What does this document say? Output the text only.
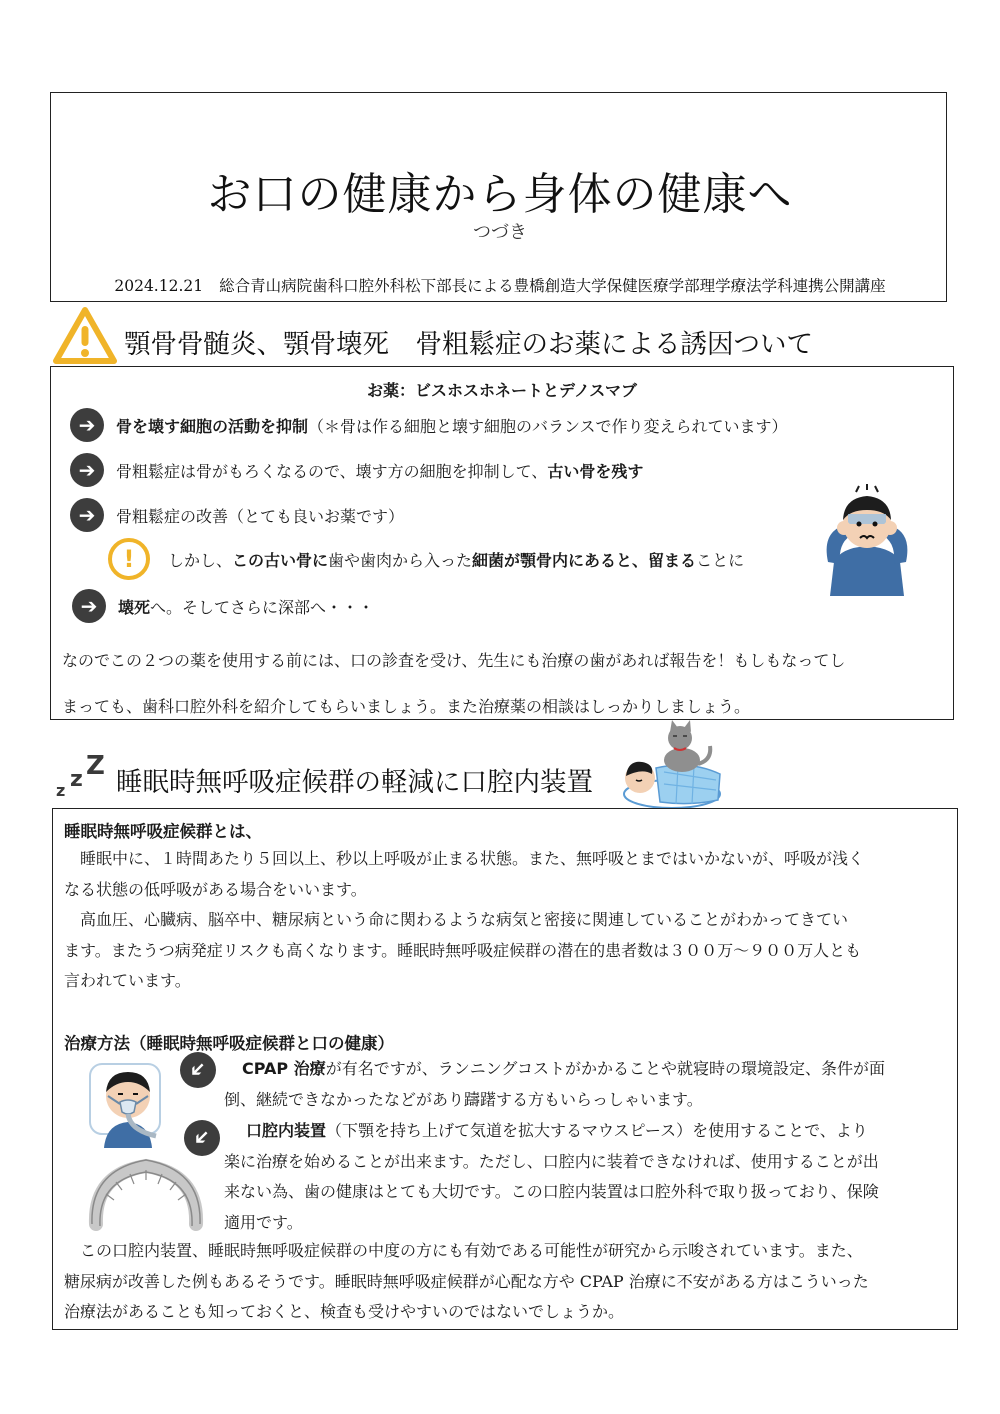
お口の健康から身体の健康へ
つづき
2024.12.21 総合青山病院歯科口腔外科松下部長による豊橋創造大学保健医療学部理学療法学科連携公開講座
顎骨骨髄炎、顎骨壊死　骨粗鬆症のお薬による誘因ついて
お薬：ビスホスホネートとデノスマブ
➔	骨を壊す細胞の活動を抑制 （＊骨は作る細胞と壊す細胞のバランスで作り変えられています）
➔	骨粗鬆症は骨がもろくなるので、壊す方の細胞を抑制して、 古い骨を残す
➔	骨粗鬆症の改善（とても良いお薬です）
!	しかし、 この古い骨に 歯や歯肉から入った 細菌が顎骨内にあると、留まる ことに
➔	壊死 へ。そしてさらに深部へ・・・
なのでこの２つの薬を使用する前には、口の診査を受け、先生にも治療の歯があれば報告を！もしもなってし
まっても、歯科口腔外科を紹介してもらいましょう。また治療薬の相談はしっかりしましょう。
z z Z
睡眠時無呼吸症候群の軽減に口腔内装置
睡眠時無呼吸症候群とは、
　睡眠中に、１時間あたり５回以上、秒以上呼吸が止まる状態。また、無呼吸とまではいかないが、呼吸が浅く
なる状態の低呼吸がある場合をいいます。
　高血圧、心臓病、脳卒中、糖尿病という命に関わるような病気と密接に関連していることがわかってきてい
ます。またうつ病発症リスクも高くなります。睡眠時無呼吸症候群の潜在的患者数は３００万～９００万人とも
言われています。
治療方法（睡眠時無呼吸症候群と口の健康）
➔
➔
CPAP 治療が有名ですが、ランニングコストがかかることや就寝時の環境設定、条件が面
倒、継続できなかったなどがあり躊躇する方もいらっしゃいます。
口腔内装置（下顎を持ち上げて気道を拡大するマウスピース）を使用することで、より
楽に治療を始めることが出来ます。ただし、口腔内に装着できなければ、使用することが出
来ない為、歯の健康はとても大切です。この口腔内装置は口腔外科で取り扱っており、保険
適用です。
　この口腔内装置、睡眠時無呼吸症候群の中度の方にも有効である可能性が研究から示唆されています。また、
糖尿病が改善した例もあるそうです。睡眠時無呼吸症候群が心配な方や CPAP 治療に不安がある方はこういった
治療法があることも知っておくと、検査も受けやすいのではないでしょうか。
